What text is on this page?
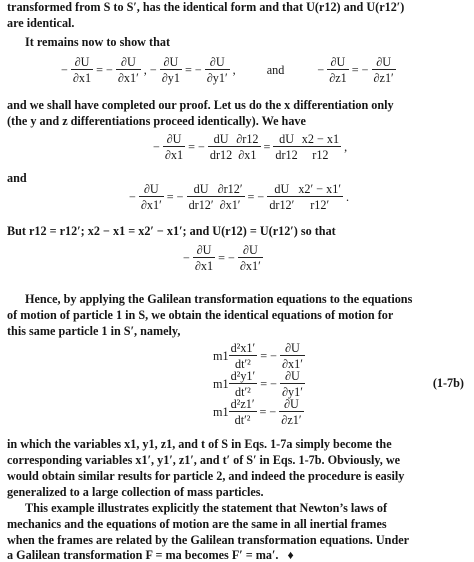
transformed from S to S′, has the identical form and that U(r12) and U(r12′)
are identical.
It remains now to show that
− $\frac{\partial U}{\partial x1}$ = − $\frac{\partial U}{\partial x1'}$ , − $\frac{\partial U}{\partial y1}$ = − $\frac{\partial U}{\partial y1'}$ ,	and	− $\frac{\partial U}{\partial z1}$ = − $\frac{\partial U}{\partial z1'}$
and we shall have completed our proof. Let us do the x differentiation only
(the y and z differentiations proceed identically). We have
− $\frac{\partial U}{\partial x1}$ = − $\frac{dU}{dr12} \frac{\partial r12}{\partial x1} = \frac{dU}{dr12} \frac{x2 - x1}{r12}$ ,
and
− $\frac{\partial U}{\partial x1'}$ = − $\frac{dU}{dr12'} \frac{\partial r12'}{\partial x1'}$ = − $\frac{dU}{dr12'} \frac{x2' - x1'}{r12'}$ .
But r12 = r12′; x2 − x1 = x2′ − x1′; and U(r12) = U(r12′) so that
− $\frac{\partial U}{\partial x1}$ = − $\frac{\partial U}{\partial x1'}$
Hence, by applying the Galilean transformation equations to the equations
of motion of particle 1 in S, we obtain the identical equations of motion for
this same particle 1 in S′, namely,
$m1 \frac{\text{d²x1′}}{\text{dt′²}}$ = − $\frac{\partial U}{\partial x1'}$
$m1 \frac{\text{d²y1′}}{\text{dt′²}}$ = − $\frac{\partial U}{\partial y1'}$
$m1 \frac{\text{d²z1′}}{\text{dt′²}}$ = − $\frac{\partial U}{\partial z1'}$
(1-7b)
in which the variables x1, y1, z1, and t of S in Eqs. 1-7a simply become the
corresponding variables x1′, y1′, z1′, and t′ of S′ in Eqs. 1-7b. Obviously, we
would obtain similar results for particle 2, and indeed the procedure is easily
generalized to a large collection of mass particles.
This example illustrates explicitly the statement that Newton’s laws of
mechanics and the equations of motion are the same in all inertial frames
when the frames are related by the Galilean transformation equations. Under
a Galilean transformation F = ma becomes F′ = ma′. ♦
